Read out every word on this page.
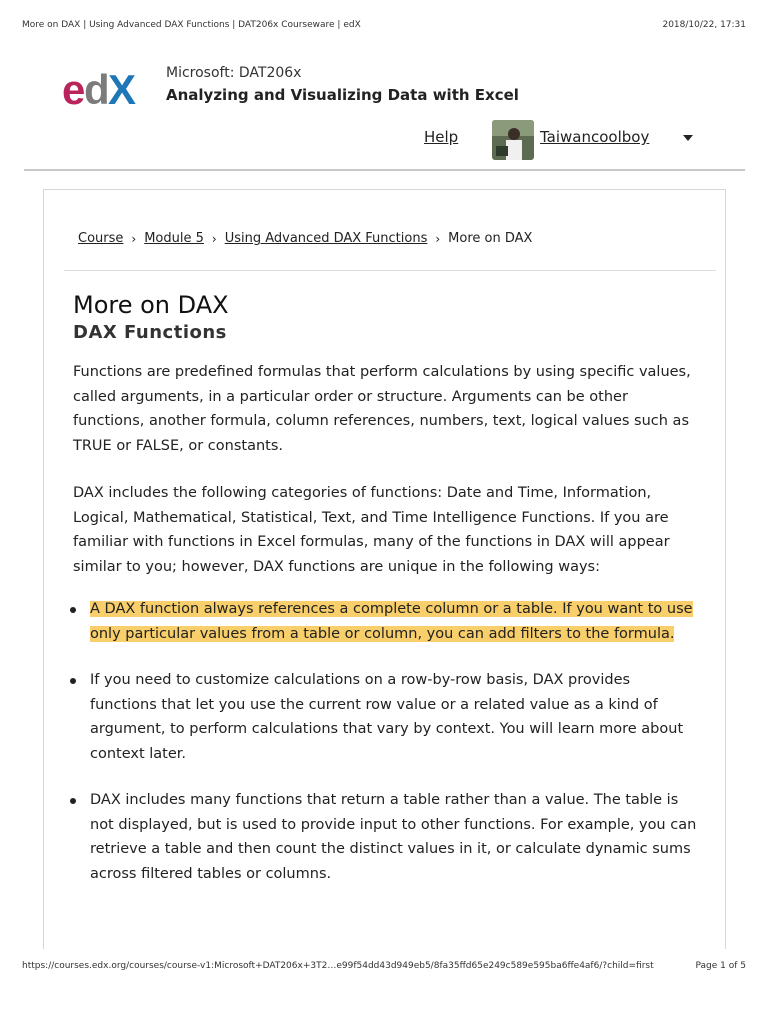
More on DAX | Using Advanced DAX Functions | DAT206x Courseware | edX	2018/10/22, 17:31
e
d
X Microsoft: DAT206x
Analyzing and Visualizing Data with Excel
Help	Taiwancoolboy
Course › Module 5 › Using Advanced DAX Functions › More on DAX
More on DAX
DAX Functions

Functions are predefined formulas that perform calculations by using specific values, called arguments, in a particular order or structure. Arguments can be other functions, another formula, column references, numbers, text, logical values such as TRUE or FALSE, or constants.

DAX includes the following categories of functions: Date and Time, Information, Logical, Mathematical, Statistical, Text, and Time Intelligence Functions. If you are familiar with functions in Excel formulas, many of the functions in DAX will appear similar to you; however, DAX functions are unique in the following ways:

A DAX function always references a complete column or a table. If you want to use only particular values from a table or column, you can add filters to the formula.
If you need to customize calculations on a row-by-row basis, DAX provides functions that let you use the current row value or a related value as a kind of argument, to perform calculations that vary by context. You will learn more about context later.
DAX includes many functions that return a table rather than a value. The table is not displayed, but is used to provide input to other functions. For example, you can retrieve a table and then count the distinct values in it, or calculate dynamic sums across filtered tables or columns.
https://courses.edx.org/courses/course-v1:Microsoft+DAT206x+3T2…e99f54dd43d949eb5/8fa35ffd65e249c589e595ba6ffe4af6/?child=first	Page 1 of 5
